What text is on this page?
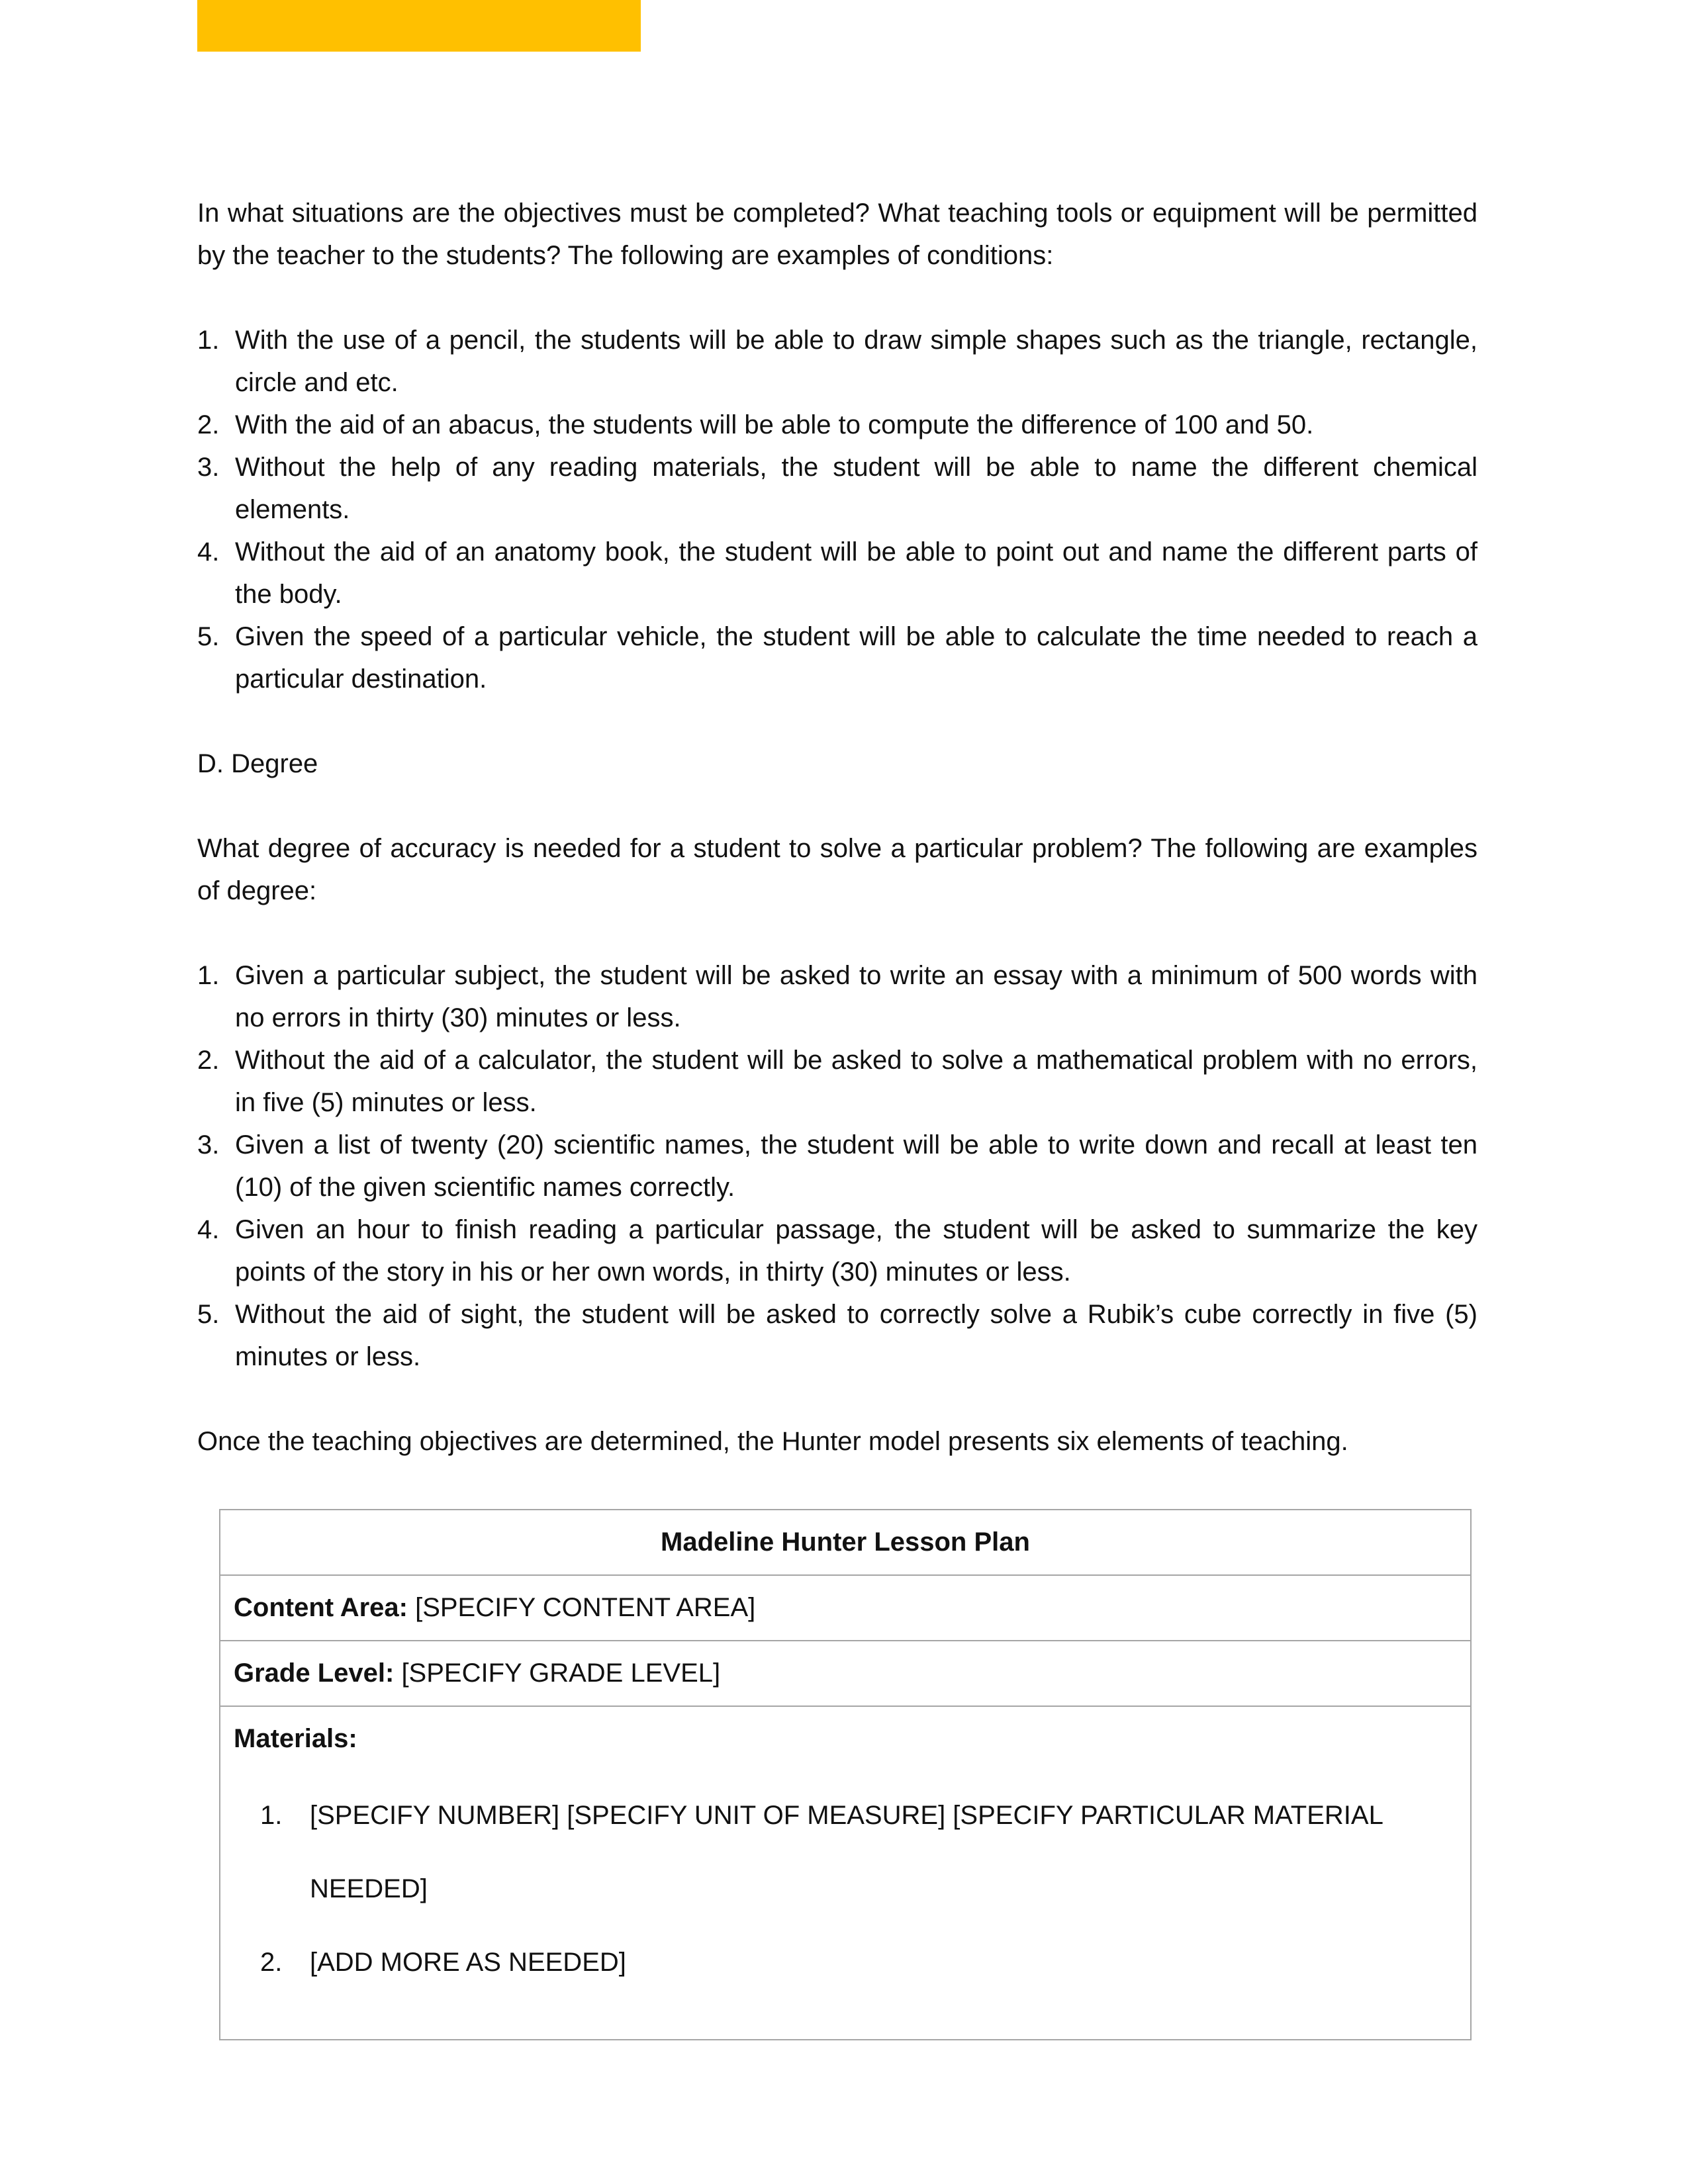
In what situations are the objectives must be completed? What teaching tools or equipment will be permitted by the teacher to the students? The following are examples of conditions:

1. With the use of a pencil, the students will be able to draw simple shapes such as the triangle, rectangle, circle and etc.
2. With the aid of an abacus, the students will be able to compute the difference of 100 and 50.
3. Without the help of any reading materials, the student will be able to name the different chemical elements.
4. Without the aid of an anatomy book, the student will be able to point out and name the different parts of the body.
5. Given the speed of a particular vehicle, the student will be able to calculate the time needed to reach a particular destination.

D. Degree

What degree of accuracy is needed for a student to solve a particular problem? The following are examples of degree:

1. Given a particular subject, the student will be asked to write an essay with a minimum of 500 words with no errors in thirty (30) minutes or less.
2. Without the aid of a calculator, the student will be asked to solve a mathematical problem with no errors, in five (5) minutes or less.
3. Given a list of twenty (20) scientific names, the student will be able to write down and recall at least ten (10) of the given scientific names correctly.
4. Given an hour to finish reading a particular passage, the student will be asked to summarize the key points of the story in his or her own words, in thirty (30) minutes or less.
5. Without the aid of sight, the student will be asked to correctly solve a Rubik’s cube correctly in five (5) minutes or less.

Once the teaching objectives are determined, the Hunter model presents six elements of teaching.

Madeline Hunter Lesson Plan
Content Area: [SPECIFY CONTENT AREA]
Grade Level: [SPECIFY GRADE LEVEL]
Materials:
1. [SPECIFY NUMBER] [SPECIFY UNIT OF MEASURE] [SPECIFY PARTICULAR MATERIAL NEEDED]
2. [ADD MORE AS NEEDED]
